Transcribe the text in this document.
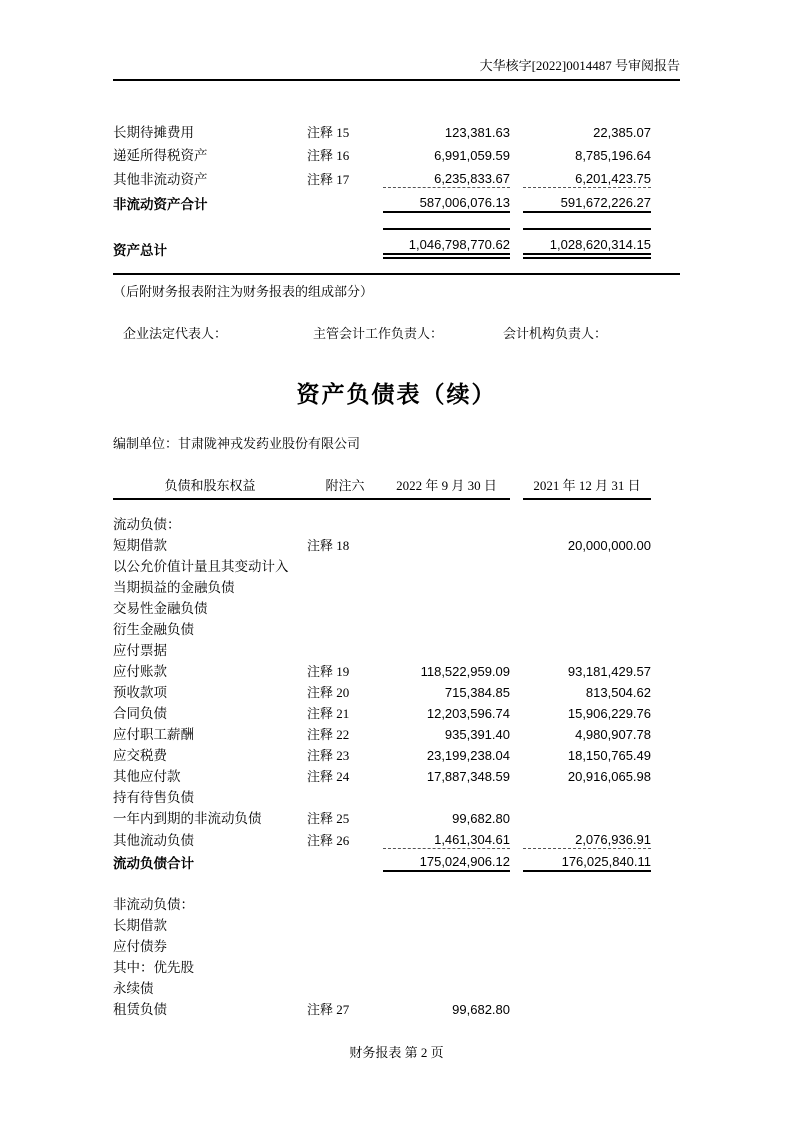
大华核字[2022]0014487 号审阅报告
长期待摊费用	注释 15	123,381.63		22,385.07
递延所得税资产	注释 16	6,991,059.59		8,785,196.64
其他非流动资产	注释 17	6,235,833.67		6,201,423.75
非流动资产合计		587,006,076.13		591,672,226.27

资产总计		1,046,798,770.62		1,028,620,314.15
（后附财务报表附注为财务报表的组成部分）
企业法定代表人：	主管会计工作负责人：	会计机构负责人：
资产负债表（续）
编制单位：甘肃陇神戎发药业股份有限公司
负债和股东权益	附注六	2022 年 9 月 30 日		2021 年 12 月 31 日
流动负债：				
短期借款	注释 18			20,000,000.00
以公允价值计量且其变动计入				
当期损益的金融负债				
交易性金融负债				
衍生金融负债				
应付票据				
应付账款	注释 19	118,522,959.09		93,181,429.57
预收款项	注释 20	715,384.85		813,504.62
合同负债	注释 21	12,203,596.74		15,906,229.76
应付职工薪酬	注释 22	935,391.40		4,980,907.78
应交税费	注释 23	23,199,238.04		18,150,765.49
其他应付款	注释 24	17,887,348.59		20,916,065.98
持有待售负债				
一年内到期的非流动负债	注释 25	99,682.80		
其他流动负债	注释 26	1,461,304.61		2,076,936.91
流动负债合计		175,024,906.12		176,025,840.11

非流动负债：				
长期借款				
应付债券				
其中：优先股				
永续债				
租赁负债	注释 27	99,682.80		
财务报表 第 2 页
